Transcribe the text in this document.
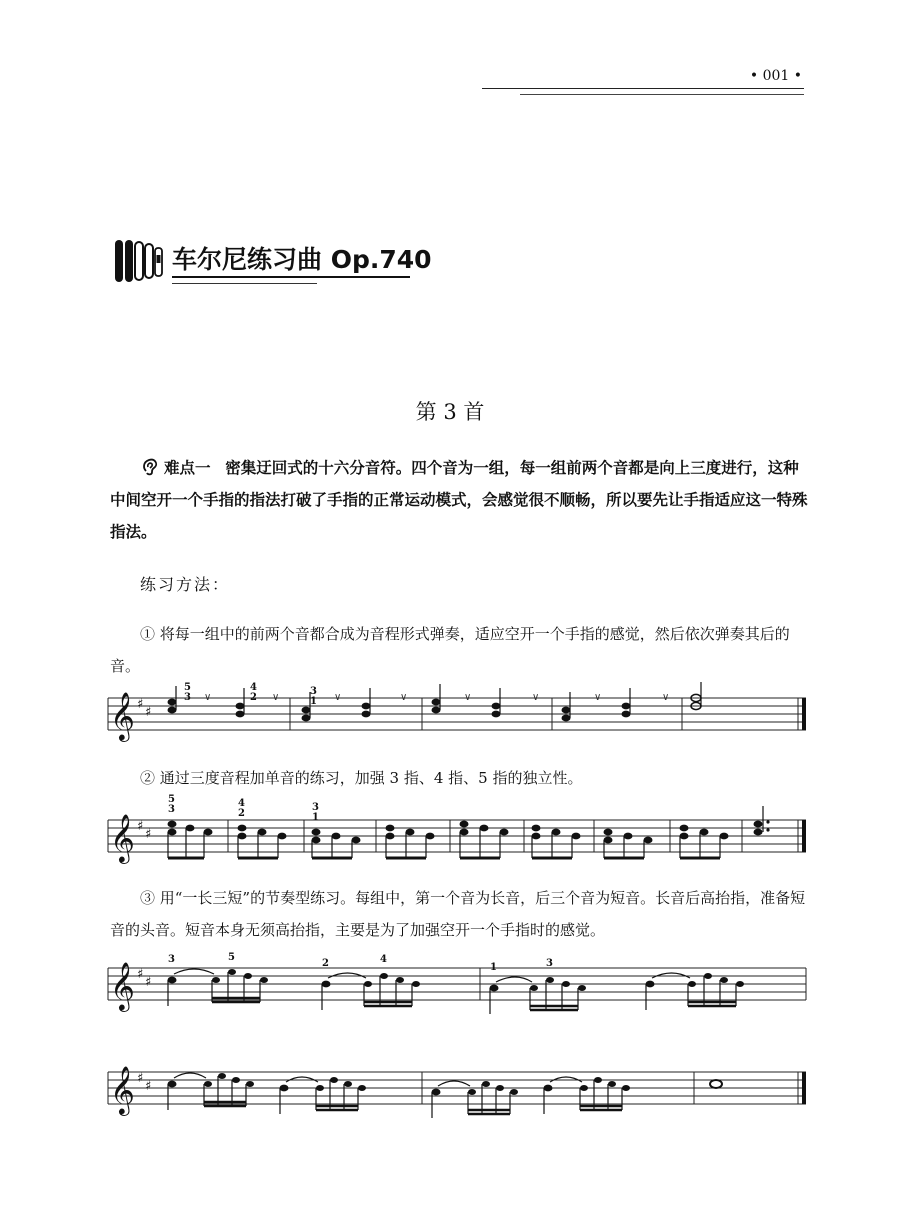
• 001 •
车尔尼练习曲 Op.740
第 3 首
难点一 密集迂回式的十六分音符。四个音为一组，每一组前两个音都是向上三度进行，这种中间空开一个手指的指法打破了手指的正常运动模式，会感觉很不顺畅，所以要先让手指适应这一特殊指法。
练习方法：
① 将每一组中的前两个音都合成为音程形式弹奏，适应空开一个手指的感觉，然后依次弹奏其后的音。
𝄞 ♯
♯
5
3
4
2
3
1
∨	∨	∨	∨	∨	∨	∨	∨
② 通过三度音程加单音的练习，加强 3 指、4 指、5 指的独立性。
𝄞 ♯
♯
5
3
4
2
3
1
③ 用“一长三短”的节奏型练习。每组中，第一个音为长音，后三个音为短音。长音后高抬指，准备短音的头音。短音本身无须高抬指，主要是为了加强空开一个手指时的感觉。
𝄞 ♯
♯
3	5
2	4
1	3
𝄞 ♯
♯
